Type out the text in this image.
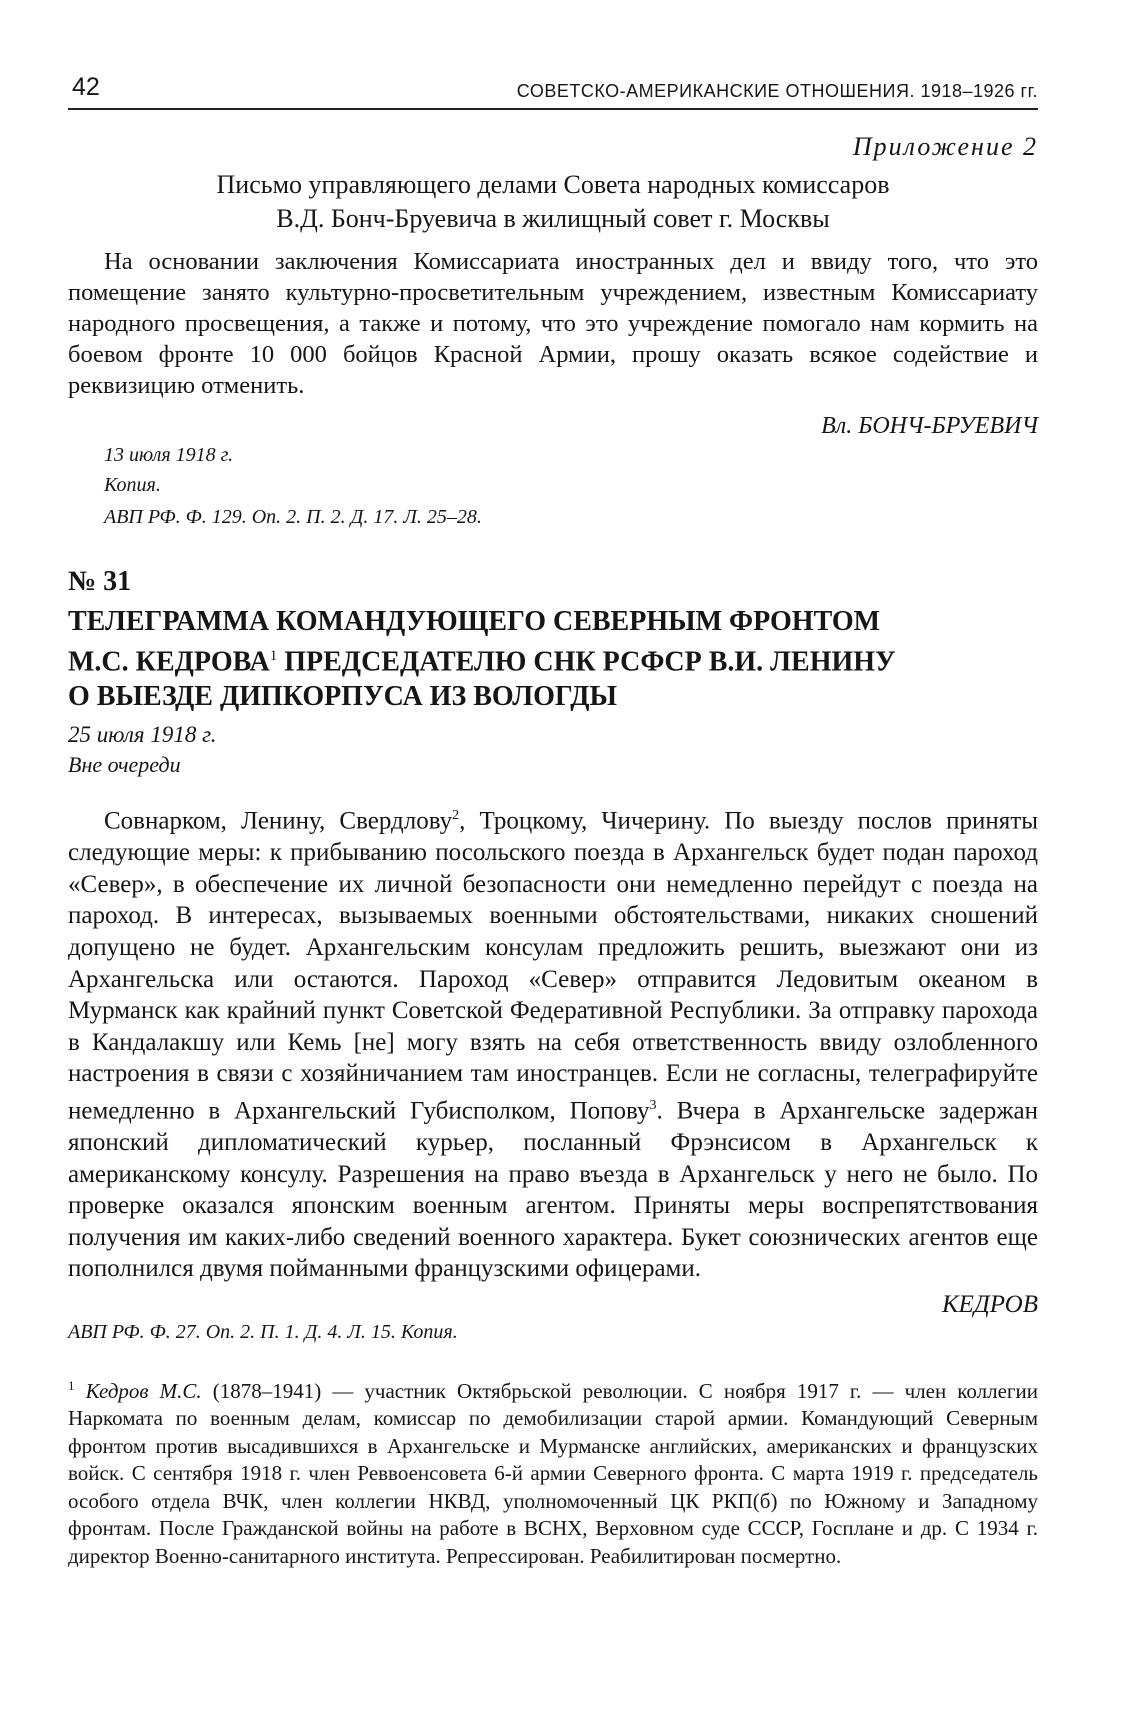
42	СОВЕТСКО-АМЕРИКАНСКИЕ ОТНОШЕНИЯ. 1918–1926 гг.
Приложение 2
Письмо управляющего делами Совета народных комиссаров
В.Д. Бонч-Бруевича в жилищный совет г. Москвы

На основании заключения Комиссариата иностранных дел и ввиду того, что это помещение занято культурно-просветительным учреждением, известным Комиссариату народного просвещения, а также и потому, что это учреждение помогало нам кормить на боевом фронте 10 000 бойцов Красной Армии, прошу оказать всякое содействие и реквизицию отменить.

Вл. БОНЧ-БРУЕВИЧ
13 июля 1918 г.
Копия.
АВП РФ. Ф. 129. Оп. 2. П. 2. Д. 17. Л. 25–28.
№ 31
ТЕЛЕГРАММА КОМАНДУЮЩЕГО СЕВЕРНЫМ ФРОНТОМ
М.С. КЕДРОВА$^1$ ПРЕДСЕДАТЕЛЮ СНК РСФСР В.И. ЛЕНИНУ
О ВЫЕЗДЕ ДИПКОРПУСА ИЗ ВОЛОГДЫ
25 июля 1918 г.
Вне очереди

Совнарком, Ленину, Свердлову$^2$, Троцкому, Чичерину. По выезду послов приняты следующие меры: к прибыванию посольского поезда в Архангельск будет подан пароход «Север», в обеспечение их личной безопасности они немедленно перейдут с поезда на пароход. В интересах, вызываемых военными обстоятельствами, никаких сношений допущено не будет. Архангельским консулам предложить решить, выезжают они из Архангельска или остаются. Пароход «Север» отправится Ледовитым океаном в Мурманск как крайний пункт Советской Федеративной Республики. За отправку парохода в Кандалакшу или Кемь [не] могу взять на себя ответственность ввиду озлобленного настроения в связи с хозяйничанием там иностранцев. Если не согласны, телеграфируйте немедленно в Архангельский Губисполком, Попову$^3$. Вчера в Архангельске задержан японский дипломатический курьер, посланный Фрэнсисом в Архангельск к американскому консулу. Разрешения на право въезда в Архангельск у него не было. По проверке оказался японским военным агентом. Приняты меры воспрепятствования получения им каких-либо сведений военного характера. Букет союзнических агентов еще пополнился двумя пойманными французскими офицерами.

КЕДРОВ
АВП РФ. Ф. 27. Оп. 2. П. 1. Д. 4. Л. 15. Копия.
$^1$ Кедров М.С. (1878–1941) — участник Октябрьской революции. С ноября 1917 г. — член коллегии Наркомата по военным делам, комиссар по демобилизации старой армии. Командующий Северным фронтом против высадившихся в Архангельске и Мурманске английских, американских и французских войск. С сентября 1918 г. член Реввоенсовета 6-й армии Северного фронта. С марта 1919 г. председатель особого отдела ВЧК, член коллегии НКВД, уполномоченный ЦК РКП(б) по Южному и Западному фронтам. После Гражданской войны на работе в ВСНХ, Верховном суде СССР, Госплане и др. С 1934 г. директор Военно-санитарного института. Репрессирован. Реабилитирован посмертно.
